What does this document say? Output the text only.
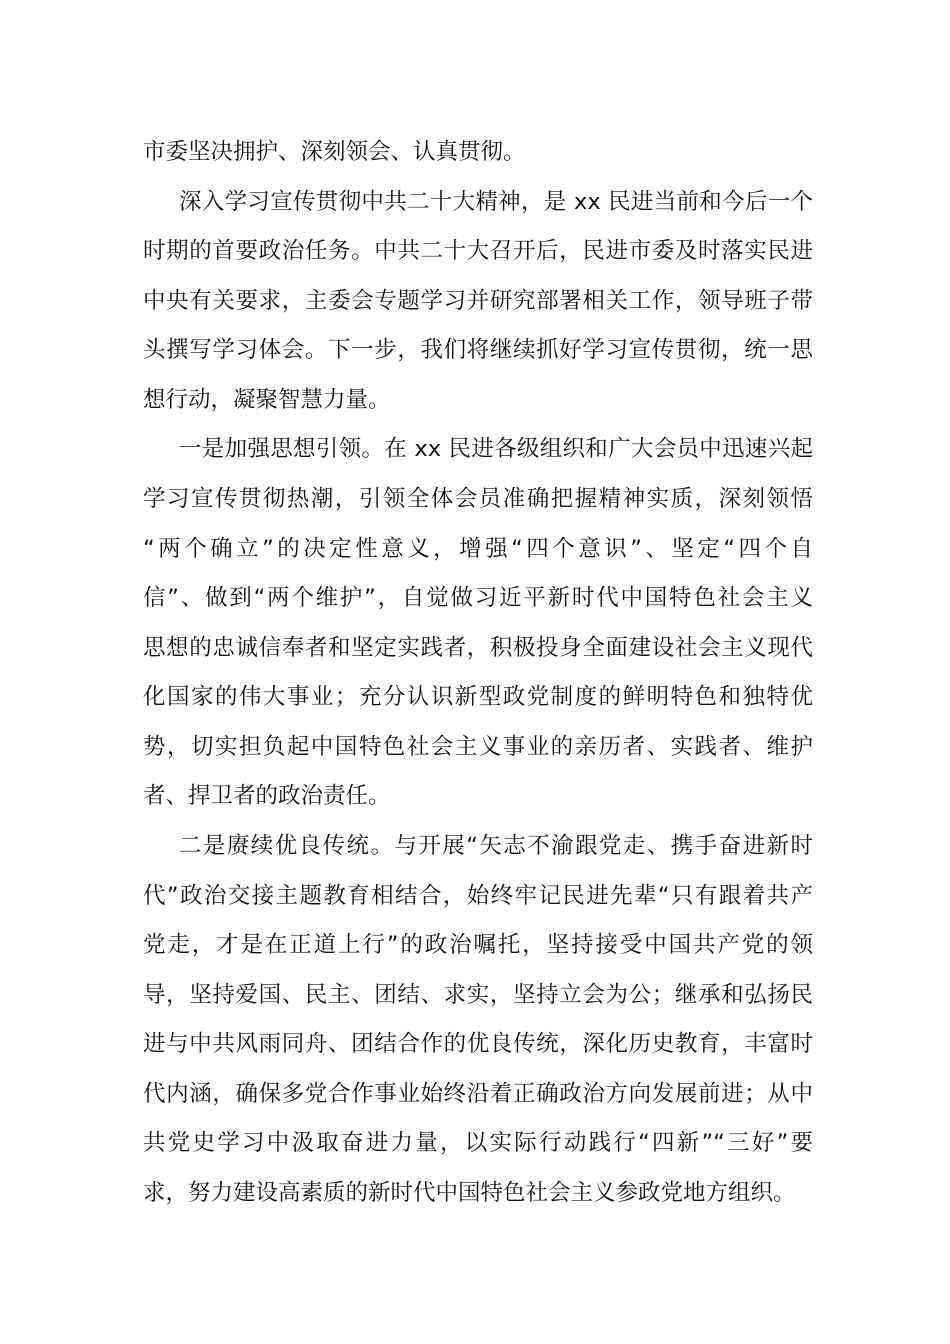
市委坚决拥护、深刻领会、认真贯彻。
深入学习宣传贯彻中共二十大精神，是 xx 民进当前和今后一个
时期的首要政治任务。中共二十大召开后，民进市委及时落实民进
中央有关要求，主委会专题学习并研究部署相关工作，领导班子带
头撰写学习体会。下一步，我们将继续抓好学习宣传贯彻，统一思
想行动，凝聚智慧力量。
一是加强思想引领。在 xx 民进各级组织和广大会员中迅速兴起
学习宣传贯彻热潮，引领全体会员准确把握精神实质，深刻领悟
“两个确立”的决定性意义，增强“四个意识”、坚定“四个自
信”、做到“两个维护”，自觉做习近平新时代中国特色社会主义
思想的忠诚信奉者和坚定实践者，积极投身全面建设社会主义现代
化国家的伟大事业；充分认识新型政党制度的鲜明特色和独特优
势，切实担负起中国特色社会主义事业的亲历者、实践者、维护
者、捍卫者的政治责任。
二是赓续优良传统。与开展“矢志不渝跟党走、携手奋进新时
代”政治交接主题教育相结合，始终牢记民进先辈“只有跟着共产
党走，才是在正道上行”的政治嘱托，坚持接受中国共产党的领
导，坚持爱国、民主、团结、求实，坚持立会为公；继承和弘扬民
进与中共风雨同舟、团结合作的优良传统，深化历史教育，丰富时
代内涵，确保多党合作事业始终沿着正确政治方向发展前进；从中
共党史学习中汲取奋进力量，以实际行动践行“四新”“三好”要
求，努力建设高素质的新时代中国特色社会主义参政党地方组织。
